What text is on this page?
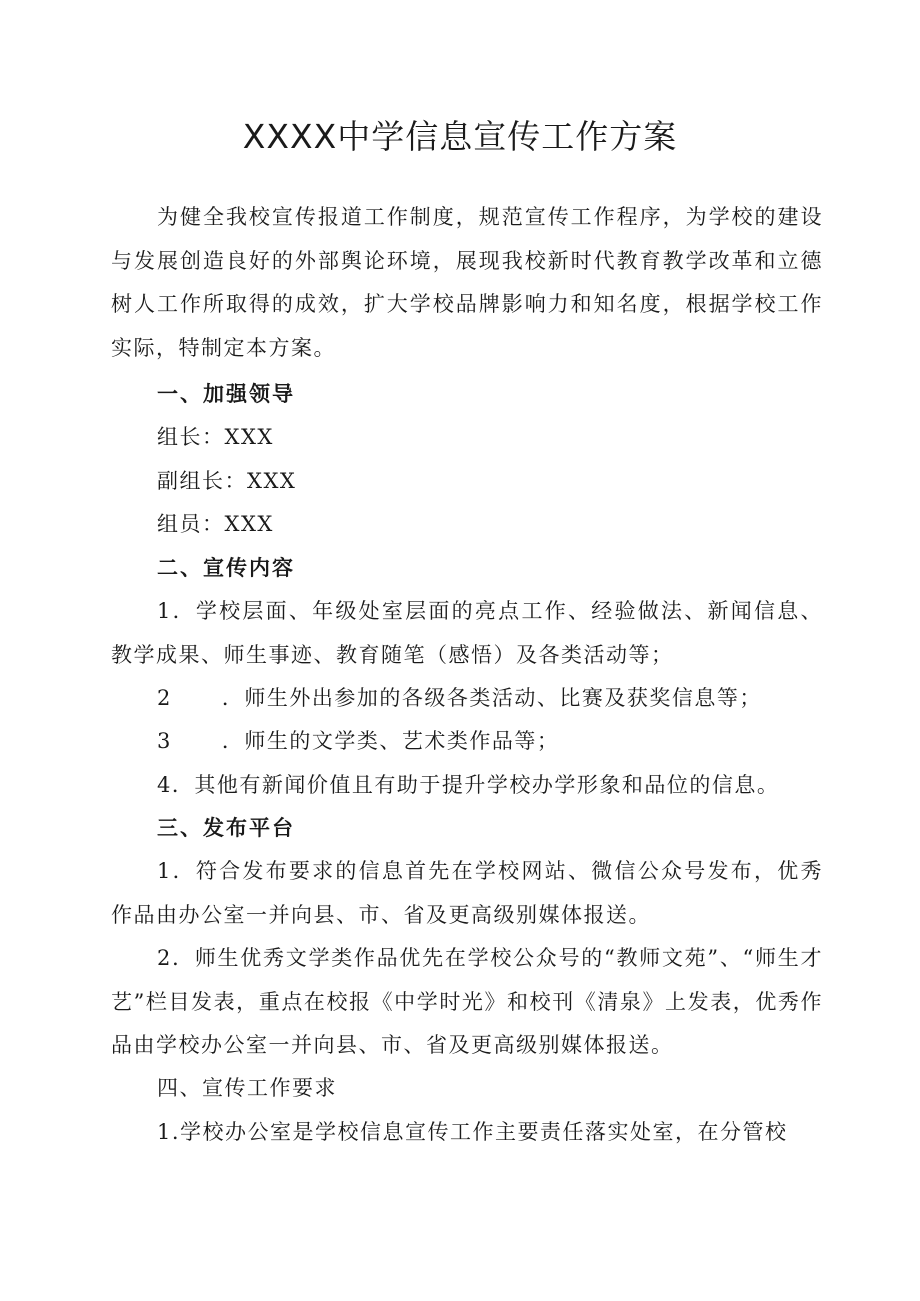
XXXX中学信息宣传工作方案

为健全我校宣传报道工作制度，规范宣传工作程序，为学校的建设与发展创造良好的外部舆论环境，展现我校新时代教育教学改革和立德树人工作所取得的成效，扩大学校品牌影响力和知名度，根据学校工作实际，特制定本方案。

一、加强领导

组长：XXX

副组长：XXX

组员：XXX

二、宣传内容

1．学校层面、年级处室层面的亮点工作、经验做法、新闻信息、教学成果、师生事迹、教育随笔（感悟）及各类活动等；

2 ．师生外出参加的各级各类活动、比赛及获奖信息等；

3 ．师生的文学类、艺术类作品等；

4．其他有新闻价值且有助于提升学校办学形象和品位的信息。

三、发布平台

1．符合发布要求的信息首先在学校网站、微信公众号发布，优秀作品由办公室一并向县、市、省及更高级别媒体报送。

2．师生优秀文学类作品优先在学校公众号的“教师文苑”、“师生才艺”栏目发表，重点在校报《中学时光》和校刊《清泉》上发表，优秀作品由学校办公室一并向县、市、省及更高级别媒体报送。

四、宣传工作要求

1.学校办公室是学校信息宣传工作主要责任落实处室，在分管校
